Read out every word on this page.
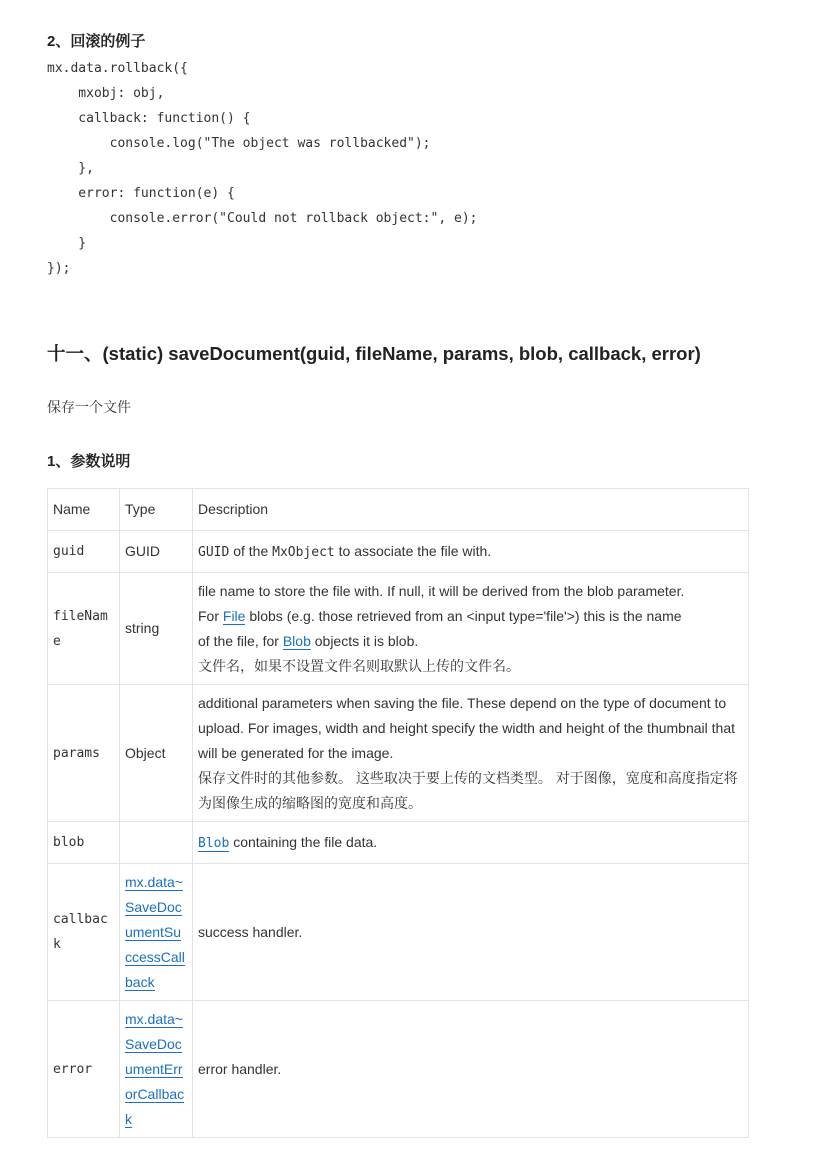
2、回滚的例子
mx.data.rollback({
mxobj: obj,
callback: function() {
console.log("The object was rollbacked");
},
error: function(e) {
console.error("Could not rollback object:", e);
}
});
十一、(static) saveDocument(guid, fileName, params, blob, callback, error)
保存一个文件
1、参数说明
Name	Type	Description
guid	GUID	GUID of the MxObject to associate the file with.
fileName	string	file name to store the file with. If null, it will be derived from the blob parameter.
For File blobs (e.g. those retrieved from an <input type='file'>) this is the name
of the file, for Blob objects it is blob.
文件名，如果不设置文件名则取默认上传的文件名。
params	Object	additional parameters when saving the file. These depend on the type of document to upload. For images, width and height specify the width and height of the thumbnail that will be generated for the image.
保存文件时的其他参数。 这些取决于要上传的文档类型。 对于图像，宽度和高度指定将为图像生成的缩略图的宽度和高度。
blob		Blob containing the file data.
callback	mx.data~SaveDocumentSuccessCallback	success handler.
error	mx.data~SaveDocumentErrorCallback	error handler.
